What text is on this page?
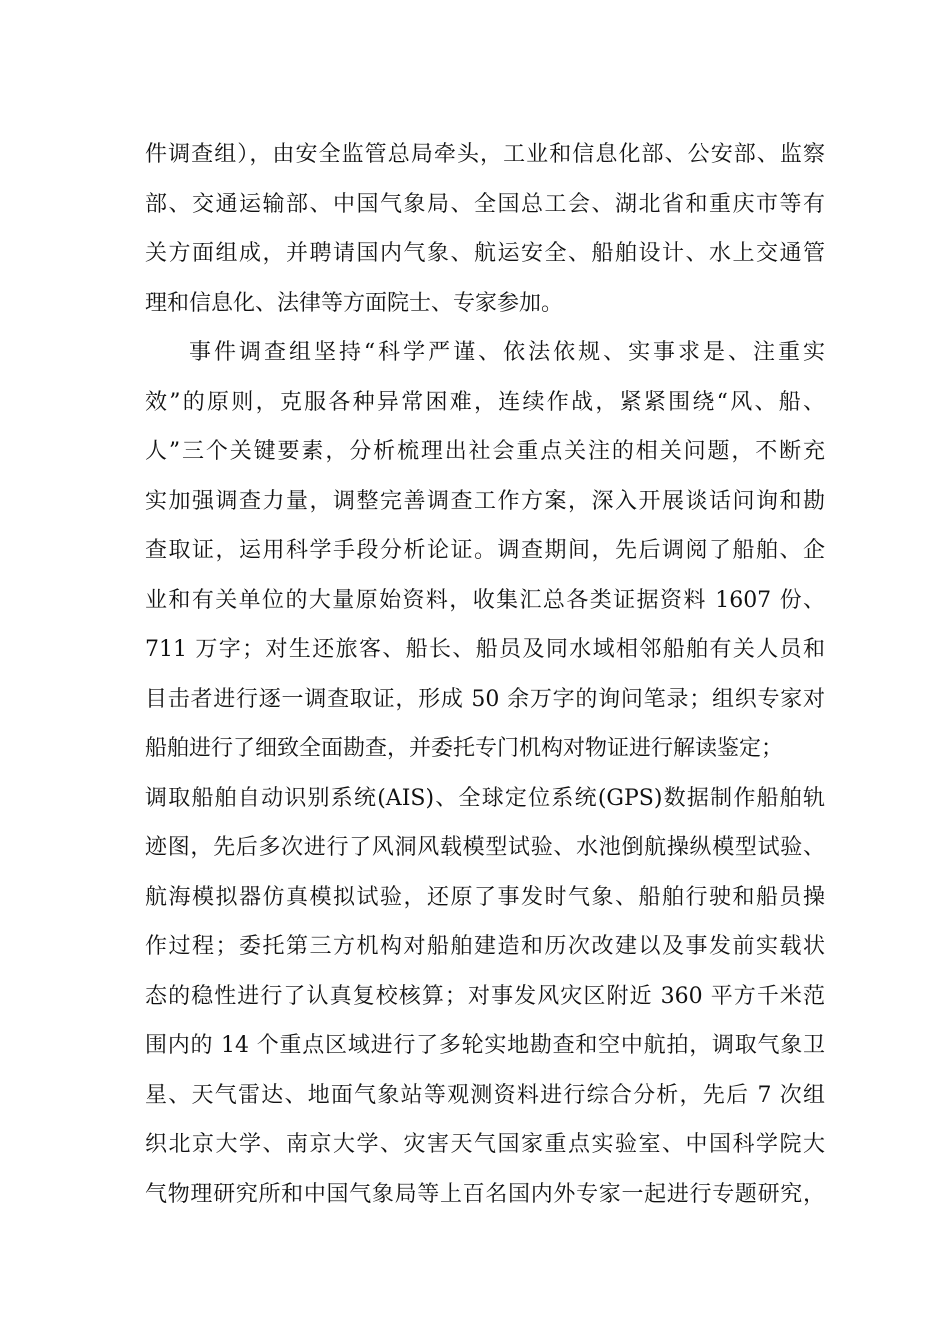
件调查组），由安全监管总局牵头，工业和信息化部、公安部、监察
部、交通运输部、中国气象局、全国总工会、湖北省和重庆市等有
关方面组成，并聘请国内气象、航运安全、船舶设计、水上交通管
理和信息化、法律等方面院士、专家参加。
事件调查组坚持“科学严谨、依法依规、实事求是、注重实
效”的原则，克服各种异常困难，连续作战，紧紧围绕“风、船、
人”三个关键要素，分析梳理出社会重点关注的相关问题，不断充
实加强调查力量，调整完善调查工作方案，深入开展谈话问询和勘
查取证，运用科学手段分析论证。调查期间，先后调阅了船舶、企
业和有关单位的大量原始资料，收集汇总各类证据资料 1607 份、
711 万字；对生还旅客、船长、船员及同水域相邻船舶有关人员和
目击者进行逐一调查取证，形成 50 余万字的询问笔录；组织专家对
船舶进行了细致全面勘查，并委托专门机构对物证进行解读鉴定；
调取船舶自动识别系统(AIS)、全球定位系统(GPS)数据制作船舶轨
迹图，先后多次进行了风洞风载模型试验、水池倒航操纵模型试验、
航海模拟器仿真模拟试验，还原了事发时气象、船舶行驶和船员操
作过程；委托第三方机构对船舶建造和历次改建以及事发前实载状
态的稳性进行了认真复校核算；对事发风灾区附近 360 平方千米范
围内的 14 个重点区域进行了多轮实地勘查和空中航拍，调取气象卫
星、天气雷达、地面气象站等观测资料进行综合分析，先后 7 次组
织北京大学、南京大学、灾害天气国家重点实验室、中国科学院大
气物理研究所和中国气象局等上百名国内外专家一起进行专题研究，
